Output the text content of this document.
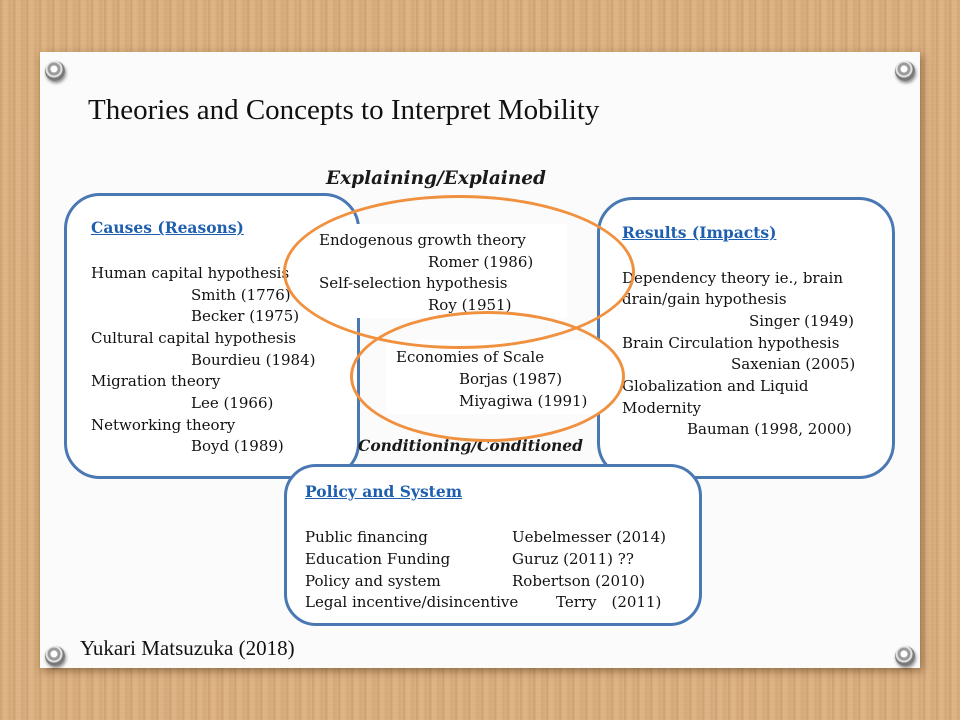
Theories and Concepts to Interpret Mobility
Explaining/Explained
Causes (Reasons)
Human capital hypothesis
Smith (1776)
Becker (1975)
Cultural capital hypothesis
Bourdieu (1984)
Migration theory
Lee (1966)
Networking theory
Boyd (1989)
Results (Impacts)
Dependency theory ie., brain
drain/gain hypothesis
Singer (1949)
Brain Circulation hypothesis
Saxenian (2005)
Globalization and Liquid
Modernity
Bauman (1998, 2000)
Endogenous growth theory
Romer (1986)
Self-selection hypothesis
Roy (1951)
Economies of Scale
Borjas (1987)
Miyagiwa (1991)
Conditioning/Conditioned
Policy and System
Public financing	Uebelmesser (2014)
Education Funding	Guruz (2011) ??
Policy and system	Robertson (2010)
Legal incentive/disincentive	Terry　(2011)
Yukari Matsuzuka (2018)
